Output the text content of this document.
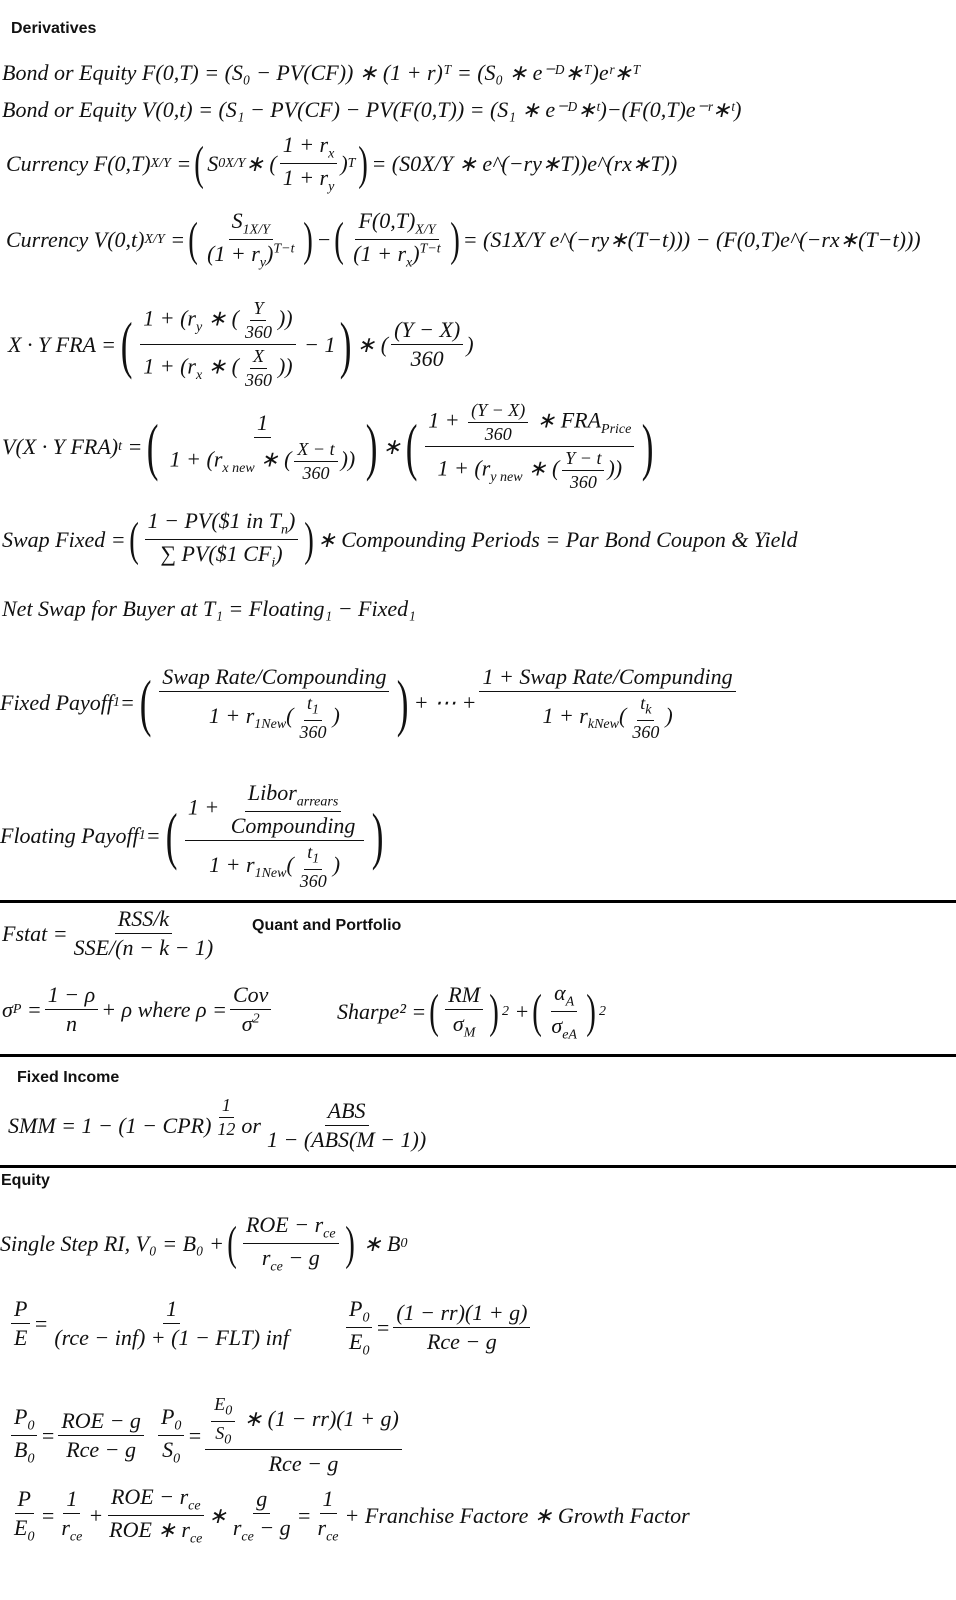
Derivatives
Bond or Equity F(0,T) = (S₀ − PV(CF)) ∗ (1 + r)ᵀ = (S₀ ∗ e⁻ᴰ∗ᵀ)eʳ∗ᵀ
Bond or Equity V(0,t) = (S₁ − PV(CF) − PV(F(0,T)) = (S₁ ∗ e⁻ᴰ∗ᵗ)−(F(0,T)e⁻ʳ∗ᵗ)
Currency F(0,T) X/Y = ( S 0X/Y ∗ ( $\frac{1 + r_x}{1 + r_y}$ ) T ) = (S0X/Y ∗ e^(−ry∗T))e^(rx∗T))
Currency V(0,t) X/Y = ( $\frac{S_{1X/Y}}{(1 + r_y)^{T-t}}$ ) − ( $\frac{F(0,T)_{X/Y}}{(1 + r_x)^{T-t}}$ ) = (S1X/Y e^(−ry∗(T−t))) − (F(0,T)e^(−rx∗(T−t)))
X · Y FRA = ( $\frac{1 + (r_y ∗ ( \frac{Y}{360} ))}{1 + (r_x ∗ ( \frac{X}{360} ))} - 1$ ) ∗ ( $\frac{(Y - X)}{360}$ )
V(X · Y FRA) t = ( $\frac{1}{1 + (r_{x new} ∗ ( \frac{X - t}{360} ))}$ ) ∗ ( $\frac{1 + \frac{(Y - X)}{360} ∗ FRA_{Price}}{1 + (r_{y new} ∗ ( \frac{Y - t}{360} ))}$ )
Swap Fixed = ( $\frac{1 - PV(\$1 in T_n)}{\sum PV(\$1 CF_i)}$ ) ∗ Compounding Periods = Par Bond Coupon & Yield
Net Swap for Buyer at T₁ = Floating₁ − Fixed₁
Fixed Payoff 1 = ( $\frac{\text{Swap Rate/Compounding}}{1 + r_{1New}( \frac{t_1}{360} )}$ ) + ⋯ + $\frac{\text{1 + Swap Rate/Compunding}}{1 + r_{kNew}( \frac{t_k}{360} )}$
Floating Payoff 1 = ( $\frac{1 + \frac{Libor_{arrears}}{\text{Compounding}}}{1 + r_{1New}( \frac{t_1}{360} )}$ )
Fstat = $\frac{\text{RSS/k}}{\text{SSE/(n − k − 1)}}$ Quant and Portfolio
σ $P = \frac{1 - \rho}{n} + \rho$ where $\rho = \frac{\text{Cov}}{\sigma^2}$	Sharpe² = ( $\frac{RM}{\sigma_M}$ ) 2 + ( $\frac{\alpha_A}{\sigma_{eA}}$ ) 2
Fixed Income
SMM = $1 - (1 - CPR) \frac{1}{12}$ or $\frac{\text{ABS}}{\text{1 − (ABS(M − 1))}}$
Equity
Single Step RI, V₀ = B₀ + ( $\frac{ROE - r_{ce}}{r_{ce} - g}$ ) ∗ B 0
$\frac{P}{E} = \frac{1}{\text{(rce − inf) + (1 − FLT) inf}} \frac{P_0}{E_0} = \frac{(1 - rr)(1 + g)}{\text{Rce − g}}$
$\frac{P_0}{B_0} = \frac{\text{ROE − g}}{\text{Rce − g}} \frac{P_0}{S_0} = \frac{\frac{E_0}{S_0} ∗ (1 - rr)(1 + g)}{\text{Rce − g}}$
$\frac{P}{E_0} = \frac{1}{r_{ce}} + \frac{ROE - r_{ce}}{ROE ∗ r_{ce}}$ ∗ $\frac{g}{r_{ce} - g} = \frac{1}{r_{ce}}$ + Franchise Factore ∗ Growth Factor
